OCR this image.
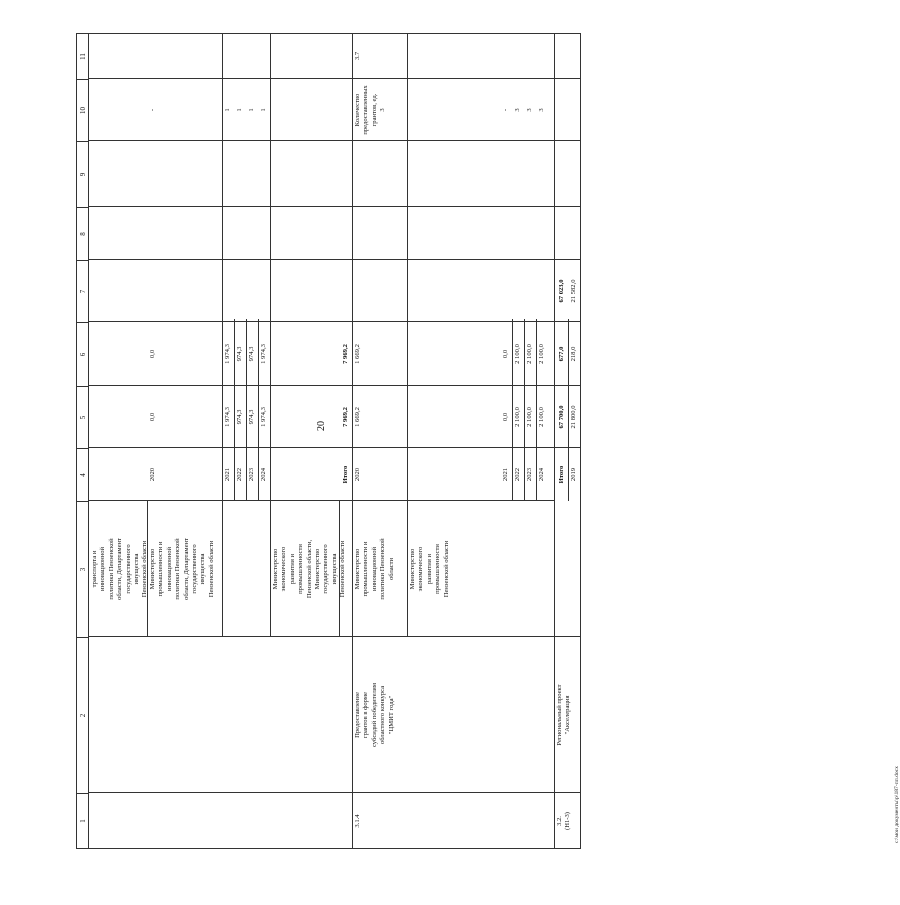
20
1
2
3
4
5
6
7
8
9
10
11
транспорта и
инновационной
политики Пензенской
области, Департамент
государственного
имущества
Пензенской области Министерство
промышленности и
инновационной
политики Пензенской
области, Департамент
государственного
имущества
Пензенской области	Министерство
экономического
развития и
промышленности
Пензенской области,
Министерство
государственного
имущества
Пензенской области
2020
0,0
0,0
-
2021 2022 2023 2024
1 974,3 974,3 974,3 1 974,3
1 974,3 974,3 974,3 1 974,3
1 1 1 1
Итого
7 969,2
7 969,2
3.1.4
Предоставление
грантов в форме
субсидий победителям
областного конкурса
"ЦМИТ года"
Министерство
промышленности и
инновационной
политики Пензенской
области Министерство
экономического
развития и
промышленности
Пензенской области
2020
1 669,2
1 669,2
Количество
предоставленных
грантов, ед.
3
3.7
2021 2022 2023 2024
0,0 2 100,0 2 100,0 2 100,0
0,0 2 100,0 2 100,0 2 100,0
- 3 3 3
3.2.
(Н1-3)
Региональный проект
"Акселерация
Итого
67 700,0
677,0
67 023,0
2019
21 800,0
218,0
21 582,0
c:\мои документы\р\187-пп.docx
